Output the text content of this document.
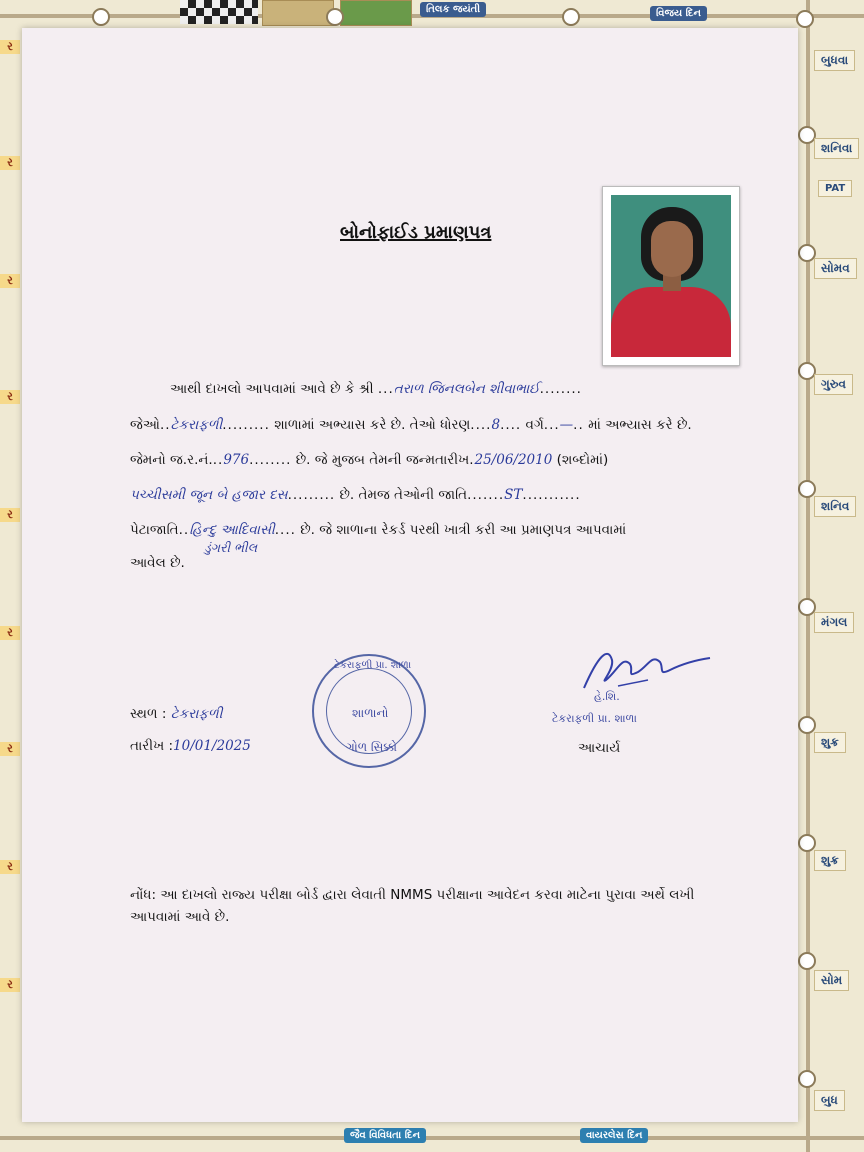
તિલક જયંતી	વિજય દિન
બુધવા
શનિવા
PAT
સોમવ
ગુરુવ
શનિવ
મંગલ
શુક્ર
શુક્ર
સોમ
બુધ
ર
ર
ર
ર
ર
ર
ર
ર
ર
જૈવ વિવિધતા દિન	વાયરલેસ દિન
બોનોફાઈડ પ્રમાણપત્ર
આથી દાખલો આપવામાં આવે છે કે શ્રી ...તરાળ જિનલબેન શીવાભાઈ........
જેઓ..ટેકરાફળી......... શાળામાં અભ્યાસ કરે છે. તેઓ ધોરણ....8.... વર્ગ...—.. માં અભ્યાસ કરે છે.
જેમનો જ.ર.નં...976........ છે. જે મુજબ તેમની જન્મતારીખ.25/06/2010 (શબ્દોમાં)
પચ્ચીસમી જૂન બે હજાર દસ......... છે. તેમજ તેઓની જાતિ.......ST...........
પેટાજાતિ..હિન્દુ આદિવાસી.... છે. જે શાળાના રેકર્ડ પરથી ખાત્રી કરી આ પ્રમાણપત્ર આપવામાં
ડુંગરી ભીલ
આવેલ છે.
સ્થળ : ટેકરાફળી
તારીખ :10/01/2025
ટેકરાફળી પ્રા. શાળા
શાળાનો
ગોળ સિક્કો
હે.શિ.
ટેકરાફળી પ્રા. શાળા
આચાર્ય
નોંધ: આ દાખલો રાજ્ય પરીક્ષા બોર્ડ દ્વારા લેવાતી NMMS પરીક્ષાના આવેદન કરવા માટેના પુરાવા અર્થે લખી આપવામાં આવે છે.
